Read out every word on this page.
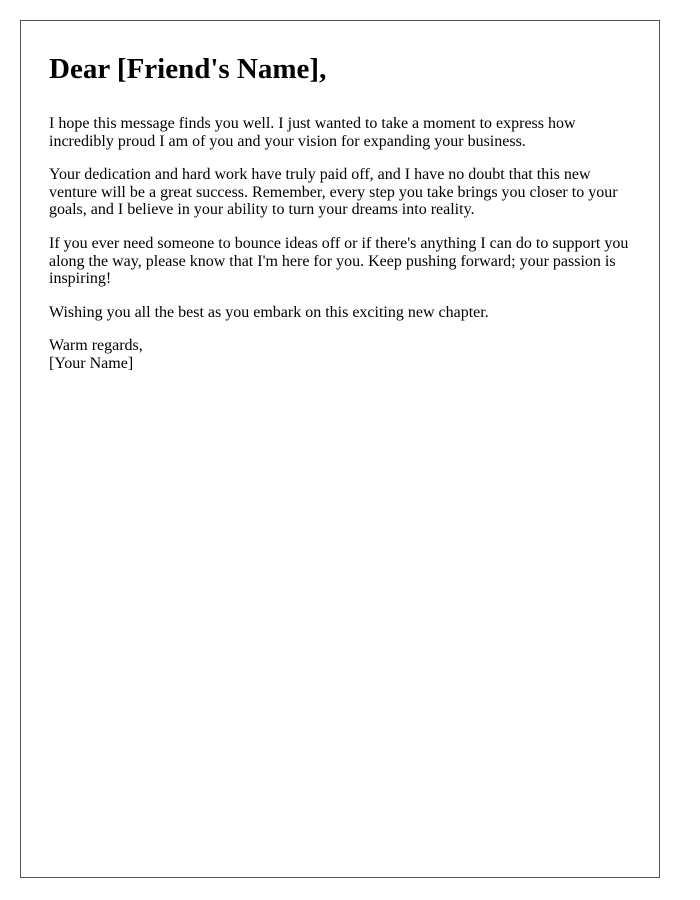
Dear [Friend's Name],

I hope this message finds you well. I just wanted to take a moment to express how incredibly proud I am of you and your vision for expanding your business.

Your dedication and hard work have truly paid off, and I have no doubt that this new venture will be a great success. Remember, every step you take brings you closer to your goals, and I believe in your ability to turn your dreams into reality.

If you ever need someone to bounce ideas off or if there's anything I can do to support you along the way, please know that I'm here for you. Keep pushing forward; your passion is inspiring!

Wishing you all the best as you embark on this exciting new chapter.

Warm regards,
[Your Name]
